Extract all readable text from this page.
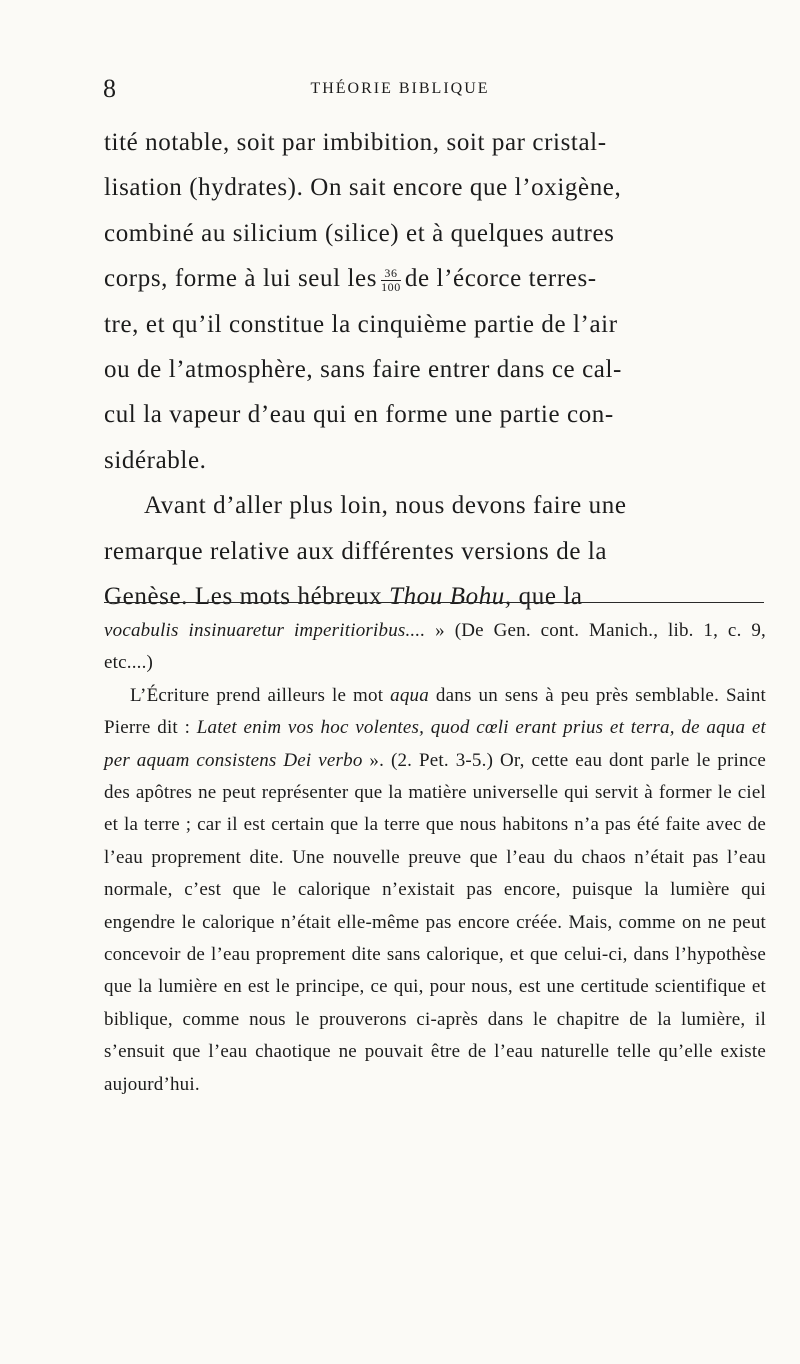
8	THÉORIE BIBLIQUE

tité notable, soit par imbibition, soit par cristal-
lisation (hydrates). On sait encore que l’oxigène,
combiné au silicium (silice) et à quelques autres
corps, forme à lui seul les $\frac{36}{100}$ de l’écorce terres-
tre, et qu’il constitue la cinquième partie de l’air
ou de l’atmosphère, sans faire entrer dans ce cal-
cul la vapeur d’eau qui en forme une partie con-
sidérable.

Avant d’aller plus loin, nous devons faire une
remarque relative aux différentes versions de la
Genèse. Les mots hébreux Thou Bohu, que la

vocabulis insinuaretur imperitioribus.... » (De Gen. cont. Manich., lib. 1, c. 9, etc....)

L’Écriture prend ailleurs le mot aqua dans un sens à peu près semblable. Saint Pierre dit : Latet enim vos hoc volentes, quod cœli erant prius et terra, de aqua et per aquam consistens Dei verbo ». (2. Pet. 3-5.) Or, cette eau dont parle le prince des apôtres ne peut représenter que la matière universelle qui servit à former le ciel et la terre ; car il est certain que la terre que nous habitons n’a pas été faite avec de l’eau proprement dite. Une nouvelle preuve que l’eau du chaos n’était pas l’eau normale, c’est que le calorique n’existait pas encore, puisque la lumière qui engendre le calorique n’était elle-même pas encore créée. Mais, comme on ne peut concevoir de l’eau proprement dite sans calorique, et que celui-ci, dans l’hypothèse que la lumière en est le principe, ce qui, pour nous, est une certitude scientifique et biblique, comme nous le prouverons ci-après dans le chapitre de la lumière, il s’ensuit que l’eau chaotique ne pouvait être de l’eau naturelle telle qu’elle existe aujourd’hui.
